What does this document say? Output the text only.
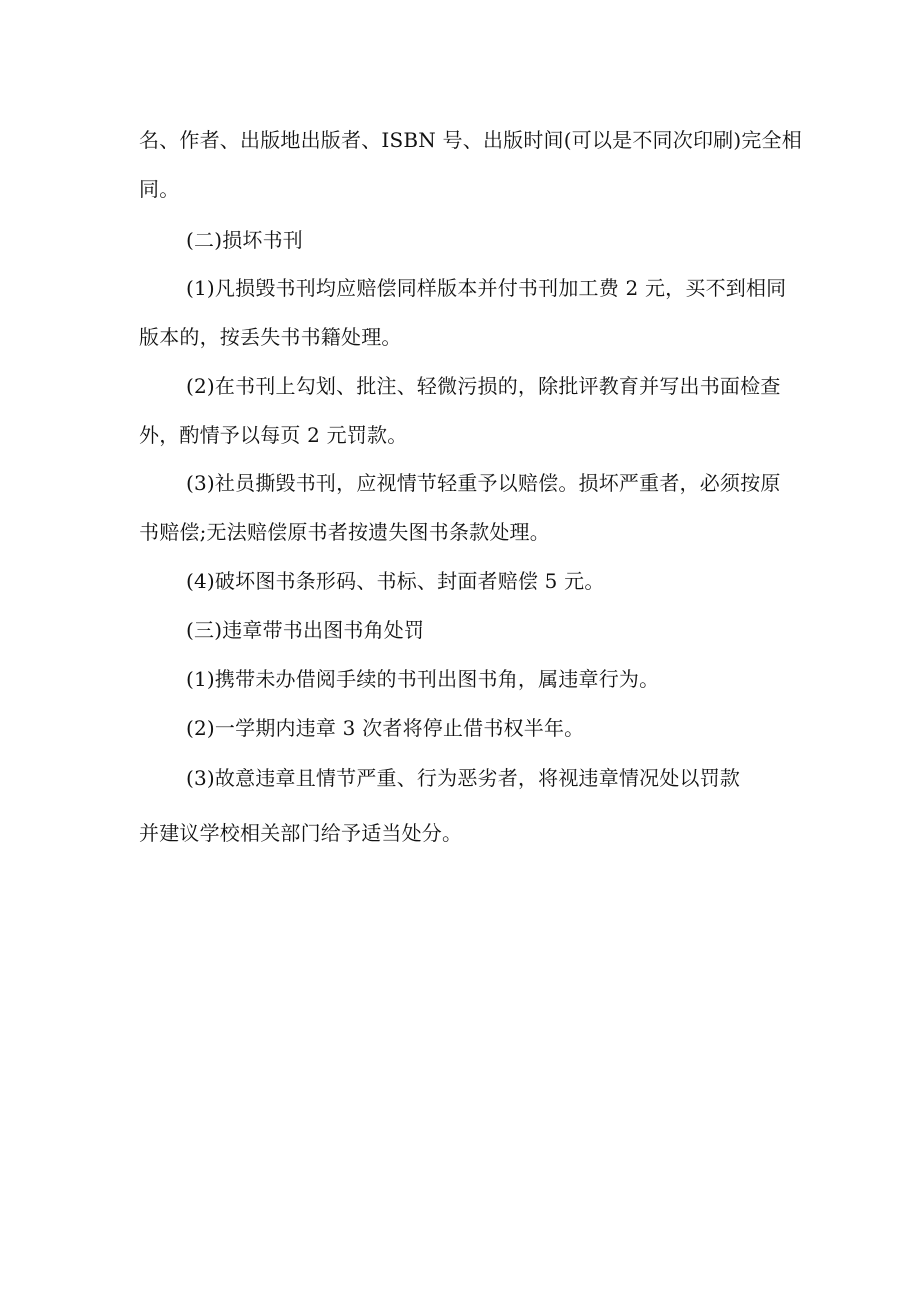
名、作者、出版地出版者、ISBN 号、出版时间(可以是不同次印刷)完全相
同。
(二)损坏书刊
(1)凡损毁书刊均应赔偿同样版本并付书刊加工费 2 元，买不到相同
版本的，按丢失书书籍处理。
(2)在书刊上勾划、批注、轻微污损的，除批评教育并写出书面检查
外，酌情予以每页 2 元罚款。
(3)社员撕毁书刊，应视情节轻重予以赔偿。损坏严重者，必须按原
书赔偿;无法赔偿原书者按遗失图书条款处理。
(4)破坏图书条形码、书标、封面者赔偿 5 元。
(三)违章带书出图书角处罚
(1)携带未办借阅手续的书刊出图书角，属违章行为。
(2)一学期内违章 3 次者将停止借书权半年。
(3)故意违章且情节严重、行为恶劣者，将视违章情况处以罚款
并建议学校相关部门给予适当处分。
